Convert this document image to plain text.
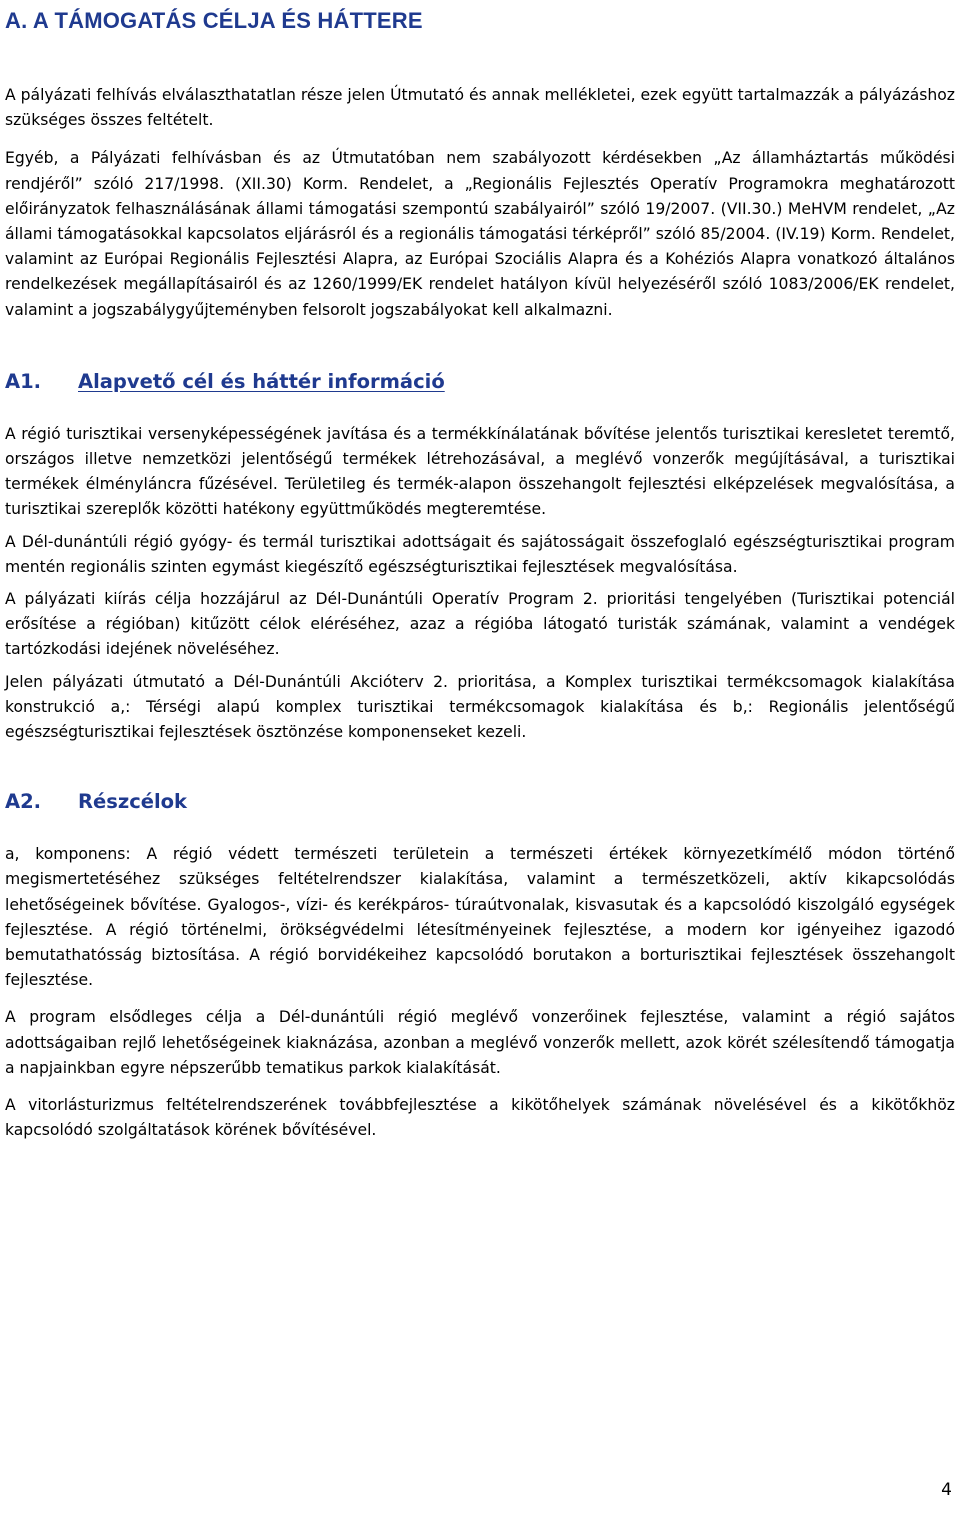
A. A TÁMOGATÁS CÉLJA ÉS HÁTTERE

A pályázati felhívás elválaszthatatlan része jelen Útmutató és annak mellékletei, ezek együtt tartalmazzák a pályázáshoz szükséges összes feltételt.

Egyéb, a Pályázati felhívásban és az Útmutatóban nem szabályozott kérdésekben „Az államháztartás működési rendjéről” szóló 217/1998. (XII.30) Korm. Rendelet, a „Regionális Fejlesztés Operatív Programokra meghatározott előirányzatok felhasználásának állami támogatási szempontú szabályairól” szóló 19/2007. (VII.30.) MeHVM rendelet, „Az állami támogatásokkal kapcsolatos eljárásról és a regionális támogatási térképről” szóló 85/2004. (IV.19) Korm. Rendelet, valamint az Európai Regionális Fejlesztési Alapra, az Európai Szociális Alapra és a Kohéziós Alapra vonatkozó általános rendelkezések megállapításairól és az 1260/1999/EK rendelet hatályon kívül helyezéséről szóló 1083/2006/EK rendelet, valamint a jogszabálygyűjteményben felsorolt jogszabályokat kell alkalmazni.

A1.	Alapvető cél és háttér információ

A régió turisztikai versenyképességének javítása és a termékkínálatának bővítése jelentős turisztikai keresletet teremtő, országos illetve nemzetközi jelentőségű termékek létrehozásával, a meglévő vonzerők megújításával, a turisztikai termékek élményláncra fűzésével. Területileg és termék-alapon összehangolt fejlesztési elképzelések megvalósítása, a turisztikai szereplők közötti hatékony együttműködés megteremtése.

A Dél-dunántúli régió gyógy- és termál turisztikai adottságait és sajátosságait összefoglaló egészségturisztikai program mentén regionális szinten egymást kiegészítő egészségturisztikai fejlesztések megvalósítása.

A pályázati kiírás célja hozzájárul az Dél-Dunántúli Operatív Program 2. prioritási tengelyében (Turisztikai potenciál erősítése a régióban) kitűzött célok eléréséhez, azaz a régióba látogató turisták számának, valamint a vendégek tartózkodási idejének növeléséhez.

Jelen pályázati útmutató a Dél-Dunántúli Akcióterv 2. prioritása, a Komplex turisztikai termékcsomagok kialakítása konstrukció a,: Térségi alapú komplex turisztikai termékcsomagok kialakítása és b,: Regionális jelentőségű egészségturisztikai fejlesztések ösztönzése komponenseket kezeli.

A2.	Részcélok

a, komponens: A régió védett természeti területein a természeti értékek környezetkímélő módon történő megismertetéséhez szükséges feltételrendszer kialakítása, valamint a természetközeli, aktív kikapcsolódás lehetőségeinek bővítése. Gyalogos-, vízi- és kerékpáros- túraútvonalak, kisvasutak és a kapcsolódó kiszolgáló egységek fejlesztése. A régió történelmi, örökségvédelmi létesítményeinek fejlesztése, a modern kor igényeihez igazodó bemutathatósság biztosítása. A régió borvidékeihez kapcsolódó borutakon a borturisztikai fejlesztések összehangolt fejlesztése.

A program elsődleges célja a Dél-dunántúli régió meglévő vonzerőinek fejlesztése, valamint a régió sajátos adottságaiban rejlő lehetőségeinek kiaknázása, azonban a meglévő vonzerők mellett, azok körét szélesítendő támogatja a napjainkban egyre népszerűbb tematikus parkok kialakítását.

A vitorlásturizmus feltételrendszerének továbbfejlesztése a kikötőhelyek számának növelésével és a kikötőkhöz kapcsolódó szolgáltatások körének bővítésével.

4
